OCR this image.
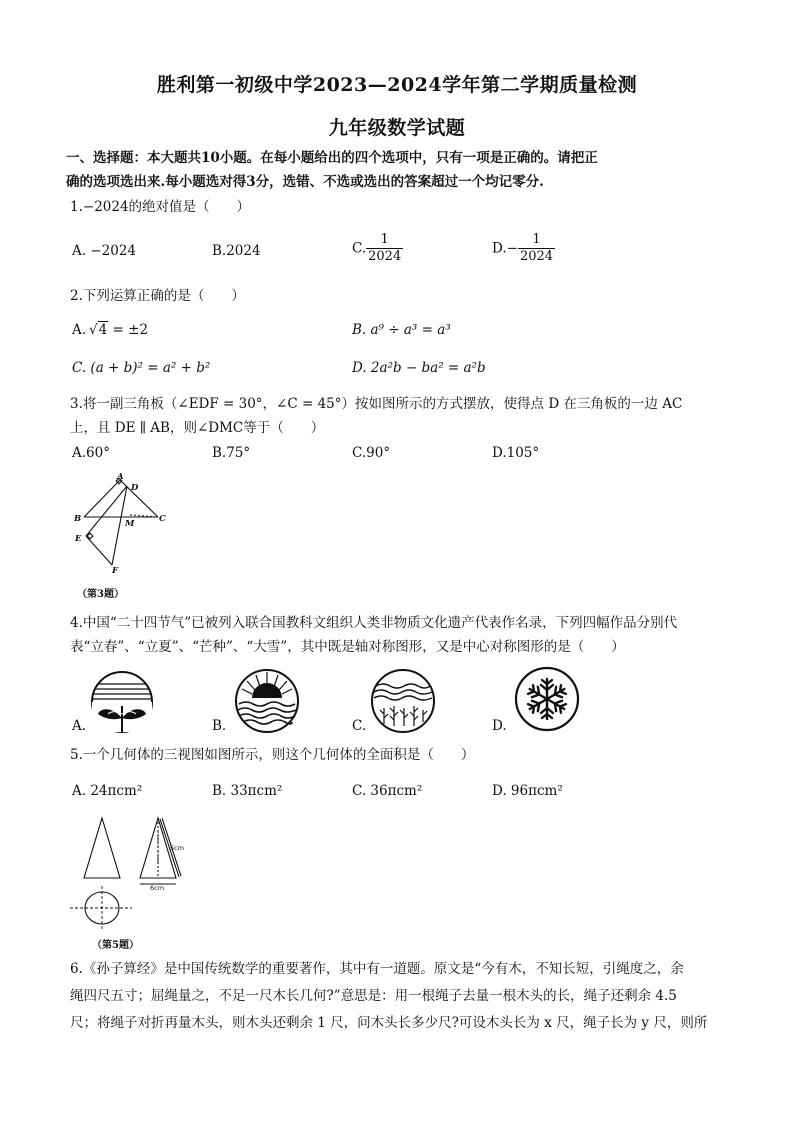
胜利第一初级中学2023—2024学年第二学期质量检测
九年级数学试题
一、选择题：本大题共10小题。在每小题给出的四个选项中，只有一项是正确的。请把正
确的选项选出来.每小题选对得3分，选错、不选或选出的答案超过一个均记零分.
1.−2024的绝对值是（　　）
A. −2024	B.2024	C. $\frac{1}{2024}$	$D.- \frac{1}{2024}$
2.下列运算正确的是（　　）
A. √4 = ±2	B. a⁹ ÷ a³ = a³
C. (a + b)² = a² + b²	D. 2a²b − ba² = a²b
3.将一副三角板（∠EDF = 30°，∠C = 45°）按如图所示的方式摆放，使得点 D 在三角板的一边 AC
上，且 DE ∥ AB，则∠DMC等于（　　）
A.60°	B.75°	C.90°	D.105°
A
D
B	C
M
E
F
（第3题）
4.中国“二十四节气”已被列入联合国教科文组织人类非物质文化遗产代表作名录，下列四幅作品分别代
表“立春”、“立夏”、“芒种”、“大雪”，其中既是轴对称图形，又是中心对称图形的是（　　）
A.	B.	C.	D.
5.一个几何体的三视图如图所示，则这个几何体的全面积是（　　）
A. 24πcm²	B. 33πcm²	C. 36πcm²	D. 96πcm²
5cm
6cm
（第5题）
6.《孙子算经》是中国传统数学的重要著作，其中有一道题。原文是“今有木，不知长短，引绳度之，余
绳四尺五寸；屈绳量之，不足一尺木长几何?”意思是：用一根绳子去量一根木头的长，绳子还剩余 4.5
尺；将绳子对折再量木头，则木头还剩余 1 尺，问木头长多少尺?可设木头长为 x 尺，绳子长为 y 尺，则所
